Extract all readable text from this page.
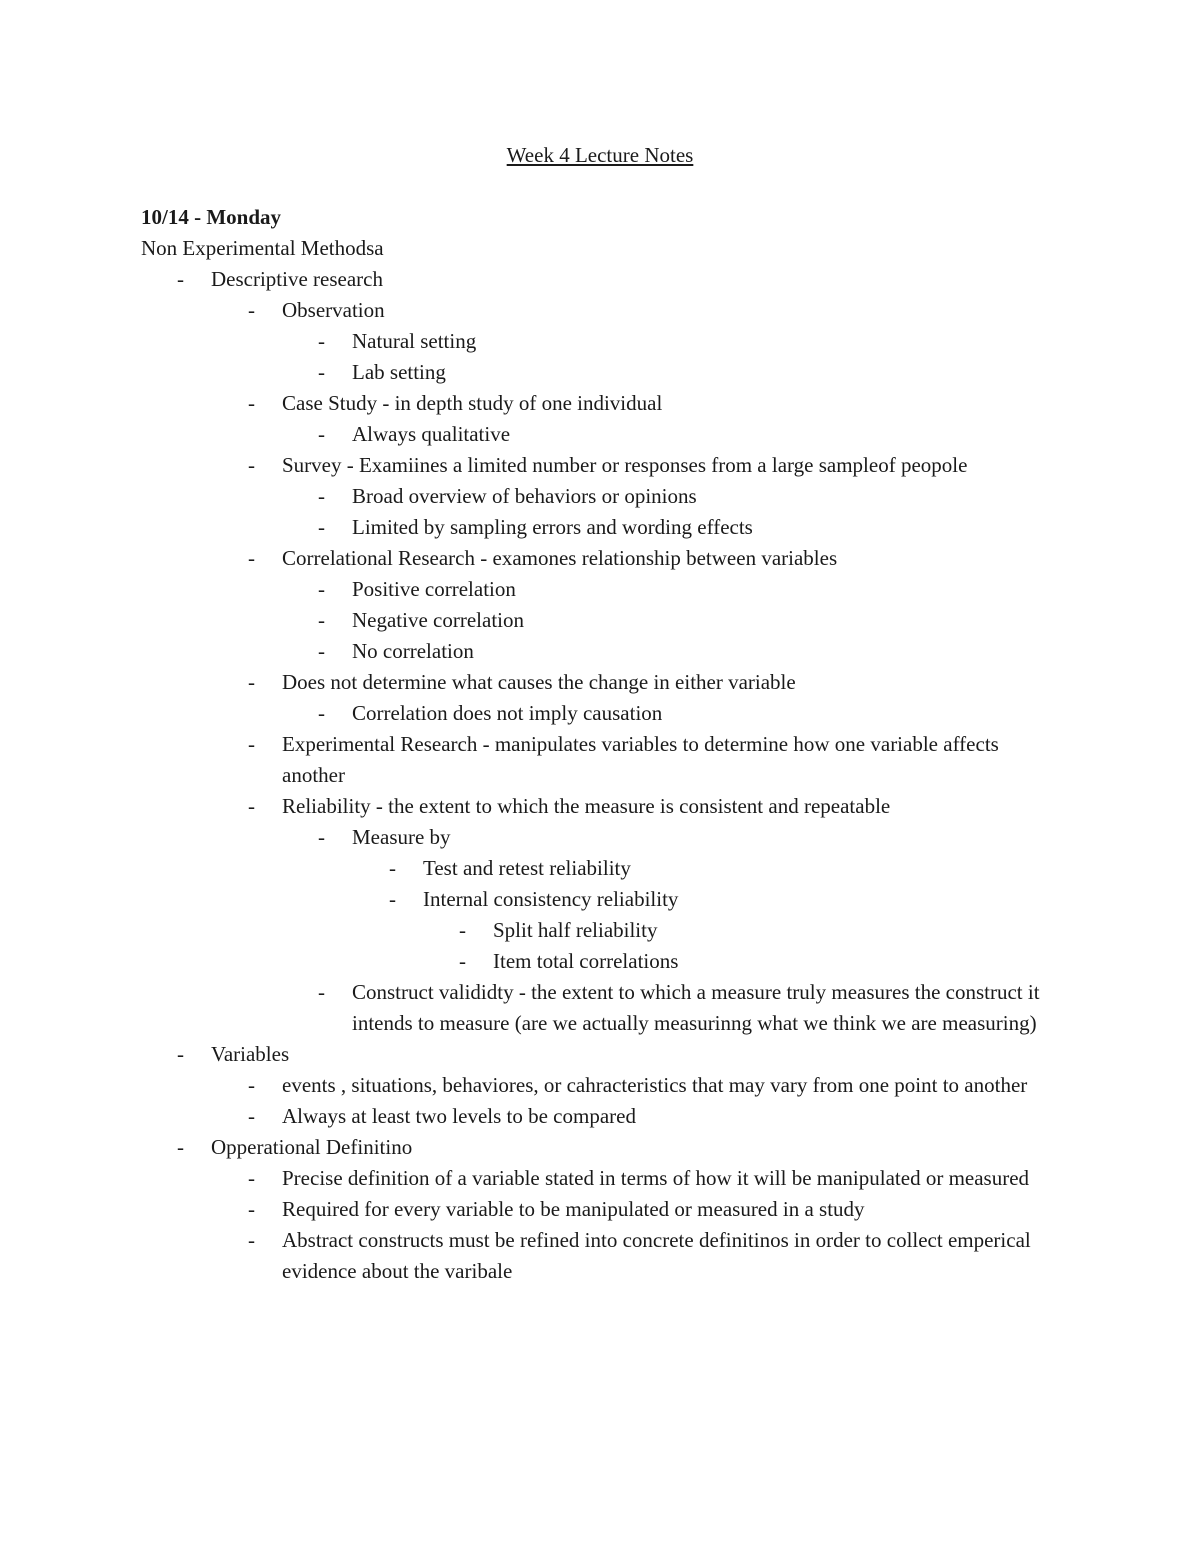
Week 4 Lecture Notes
10/14 - Monday
Non Experimental Methodsa
- Descriptive research
- Observation
- Natural setting
- Lab setting
- Case Study - in depth study of one individual
- Always qualitative
- Survey - Examiines a limited number or responses from a large sampleof peopole
- Broad overview of behaviors or opinions
- Limited by sampling errors and wording effects
- Correlational Research - examones relationship between variables
- Positive correlation
- Negative correlation
- No correlation
- Does not determine what causes the change in either variable
- Correlation does not imply causation
- Experimental Research - manipulates variables to determine how one variable affects another
- Reliability - the extent to which the measure is consistent and repeatable
- Measure by
- Test and retest reliability
- Internal consistency reliability
- Split half reliability
- Item total correlations
- Construct valididty - the extent to which a measure truly measures the construct it intends to measure (are we actually measurinng what we think we are measuring)
- Variables
- events , situations, behaviores, or cahracteristics that may vary from one point to another
- Always at least two levels to be compared
- Opperational Definitino
- Precise definition of a variable stated in terms of how it will be manipulated or measured
- Required for every variable to be manipulated or measured in a study
- Abstract constructs must be refined into concrete definitinos in order to collect emperical evidence about the varibale
